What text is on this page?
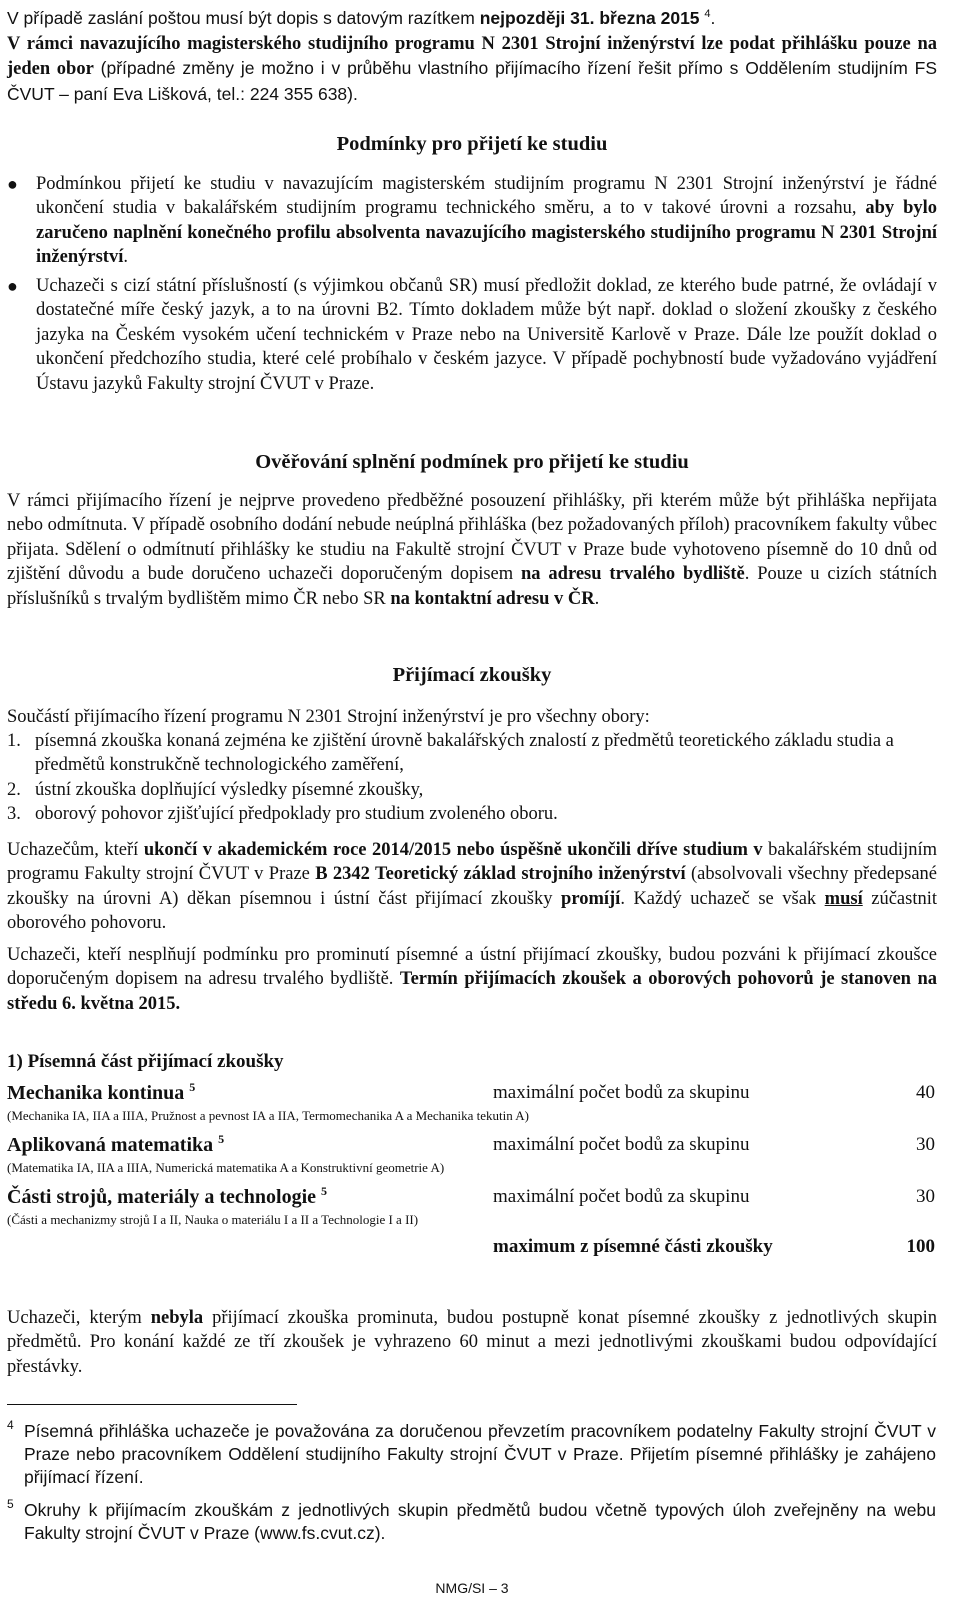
V případě zaslání poštou musí být dopis s datovým razítkem nejpozději 31. března 2015 $^4$.

V rámci navazujícího magisterského studijního programu N 2301 Strojní inženýrství lze podat přihlášku pouze na jeden obor (případné změny je možno i v průběhu vlastního přijímacího řízení řešit přímo s Oddělením studijním FS ČVUT – paní Eva Lišková, tel.: 224 355 638).

Podmínky pro přijetí ke studiu
● Podmínkou přijetí ke studiu v navazujícím magisterském studijním programu N 2301 Strojní inženýrství je řádné ukončení studia v bakalářském studijním programu technického směru, a to v takové úrovni a rozsahu, aby bylo zaručeno naplnění konečného profilu absolventa navazujícího magisterského studijního programu N 2301 Strojní inženýrství.
● Uchazeči s cizí státní příslušností (s výjimkou občanů SR) musí předložit doklad, ze kterého bude patrné, že ovládají v dostatečné míře český jazyk, a to na úrovni B2. Tímto dokladem může být např. doklad o složení zkoušky z českého jazyka na Českém vysokém učení technickém v Praze nebo na Universitě Karlově v Praze. Dále lze použít doklad o ukončení předchozího studia, které celé probíhalo v českém jazyce. V případě pochybností bude vyžadováno vyjádření Ústavu jazyků Fakulty strojní ČVUT v Praze.
Ověřování splnění podmínek pro přijetí ke studiu

V rámci přijímacího řízení je nejprve provedeno předběžné posouzení přihlášky, při kterém může být přihláška nepřijata nebo odmítnuta. V případě osobního dodání nebude neúplná přihláška (bez požadovaných příloh) pracovníkem fakulty vůbec přijata. Sdělení o odmítnutí přihlášky ke studiu na Fakultě strojní ČVUT v Praze bude vyhotoveno písemně do 10 dnů od zjištění důvodu a bude doručeno uchazeči doporučeným dopisem na adresu trvalého bydliště. Pouze u cizích státních příslušníků s trvalým bydlištěm mimo ČR nebo SR na kontaktní adresu v ČR.

Přijímací zkoušky

Součástí přijímacího řízení programu N 2301 Strojní inženýrství je pro všechny obory:

1. písemná zkouška konaná zejména ke zjištění úrovně bakalářských znalostí z předmětů teoretického základu studia a předmětů konstrukčně technologického zaměření,
2. ústní zkouška doplňující výsledky písemné zkoušky,
3. oborový pohovor zjišťující předpoklady pro studium zvoleného oboru.

Uchazečům, kteří ukončí v akademickém roce 2014/2015 nebo úspěšně ukončili dříve studium v bakalářském studijním programu Fakulty strojní ČVUT v Praze B 2342 Teoretický základ strojního inženýrství (absolvovali všechny předepsané zkoušky na úrovni A) děkan písemnou i ústní část přijímací zkoušky promíjí. Každý uchazeč se však musí zúčastnit oborového pohovoru.

Uchazeči, kteří nesplňují podmínku pro prominutí písemné a ústní přijímací zkoušky, budou pozváni k přijímací zkoušce doporučeným dopisem na adresu trvalého bydliště. Termín přijímacích zkoušek a oborových pohovorů je stanoven na středu 6. května 2015.

1) Písemná část přijímací zkoušky

Mechanika kontinua $^5$	maximální počet bodů za skupinu	40

(Mechanika IA, IIA a IIIA, Pružnost a pevnost IA a IIA, Termomechanika A a Mechanika tekutin A)

Aplikovaná matematika $^5$	maximální počet bodů za skupinu	30

(Matematika IA, IIA a IIIA, Numerická matematika A a Konstruktivní geometrie A)

Části strojů, materiály a technologie $^5$	maximální počet bodů za skupinu	30

(Části a mechanizmy strojů I a II, Nauka o materiálu I a II a Technologie I a II)

maximum z písemné části zkoušky	100

Uchazeči, kterým nebyla přijímací zkouška prominuta, budou postupně konat písemné zkoušky z jednotlivých skupin předmětů. Pro konání každé ze tří zkoušek je vyhrazeno 60 minut a mezi jednotlivými zkouškami budou odpovídající přestávky.

4 Písemná přihláška uchazeče je považována za doručenou převzetím pracovníkem podatelny Fakulty strojní ČVUT v Praze nebo pracovníkem Oddělení studijního Fakulty strojní ČVUT v Praze. Přijetím písemné přihlášky je zahájeno přijímací řízení.
5 Okruhy k přijímacím zkouškám z jednotlivých skupin předmětů budou včetně typových úloh zveřejněny na webu Fakulty strojní ČVUT v Praze (www.fs.cvut.cz).

NMG/SI – 3
